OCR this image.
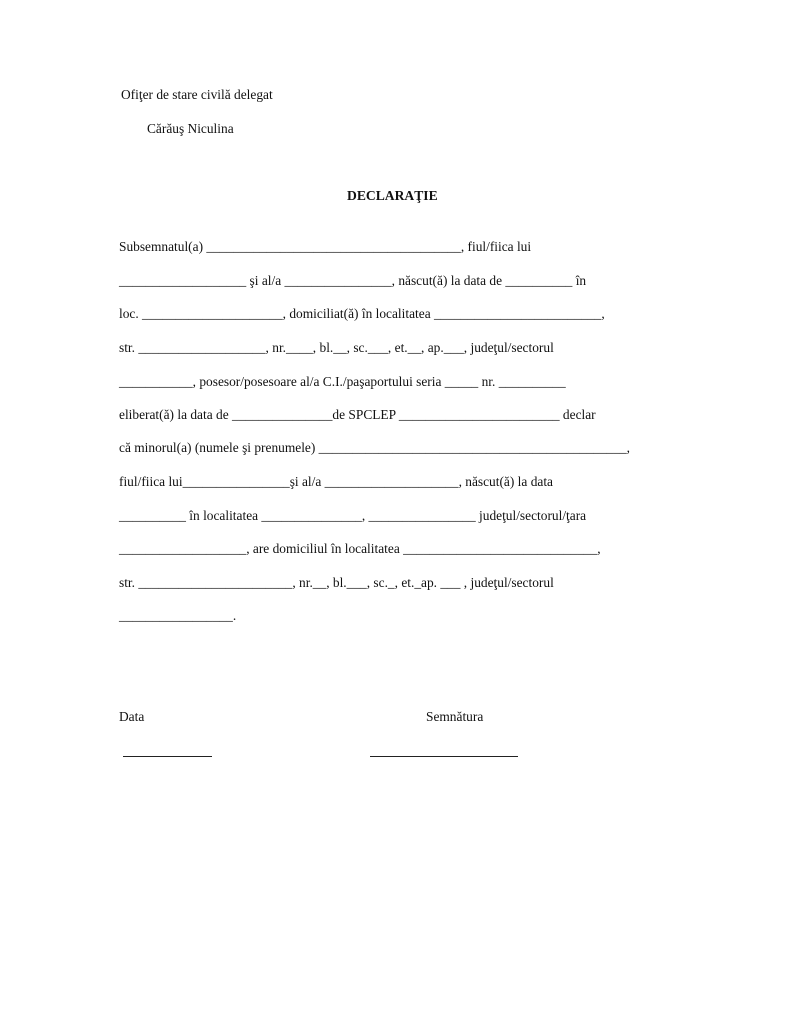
Ofiţer de stare civilă delegat
Cărăuş Niculina
DECLARAŢIE
Subsemnatul(a) ______________________________________, fiul/fiica lui
___________________ şi al/a ________________, născut(ă) la data de __________ în
loc. _____________________, domiciliat(ă) în localitatea _________________________,
str. ___________________, nr.____, bl.__, sc.___, et.__, ap.___, judeţul/sectorul
___________, posesor/posesoare al/a C.I./paşaportului seria _____ nr. __________
eliberat(ă) la data de _______________de SPCLEP ________________________ declar
că minorul(a) (numele şi prenumele) ______________________________________________,
fiul/fiica lui________________şi al/a ____________________, născut(ă) la data
__________ în localitatea _______________, ________________ judeţul/sectorul/ţara
___________________, are domiciliul în localitatea _____________________________,
str. _______________________, nr.__, bl.___, sc._, et._ap. ___ , judeţul/sectorul
_________________.
Data	Semnătura
